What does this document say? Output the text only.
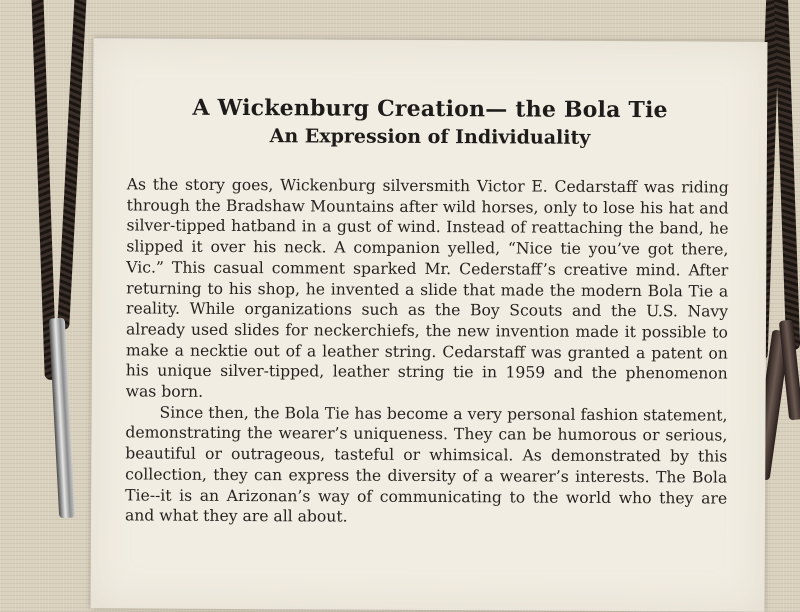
A Wickenburg Creation— the Bola Tie
An Expression of Individuality

As the story goes, Wickenburg silversmith Victor E. Cedarstaff was riding through the Bradshaw Mountains after wild horses, only to lose his hat and silver-tipped hatband in a gust of wind. Instead of reattaching the band, he slipped it over his neck. A companion yelled, “Nice tie you’ve got there, Vic.” This casual comment sparked Mr. Cederstaff’s creative mind. After returning to his shop, he invented a slide that made the modern Bola Tie a reality. While organizations such as the Boy Scouts and the U.S. Navy already used slides for neckerchiefs, the new invention made it possible to make a necktie out of a leather string. Cedarstaff was granted a patent on his unique silver-tipped, leather string tie in 1959 and the phenomenon was born.

Since then, the Bola Tie has become a very personal fashion statement, demonstrating the wearer’s uniqueness. They can be humorous or serious, beautiful or outrageous, tasteful or whimsical. As demonstrated by this collection, they can express the diversity of a wearer’s interests. The Bola Tie--it is an Arizonan’s way of communicating to the world who they are and what they are all about.
